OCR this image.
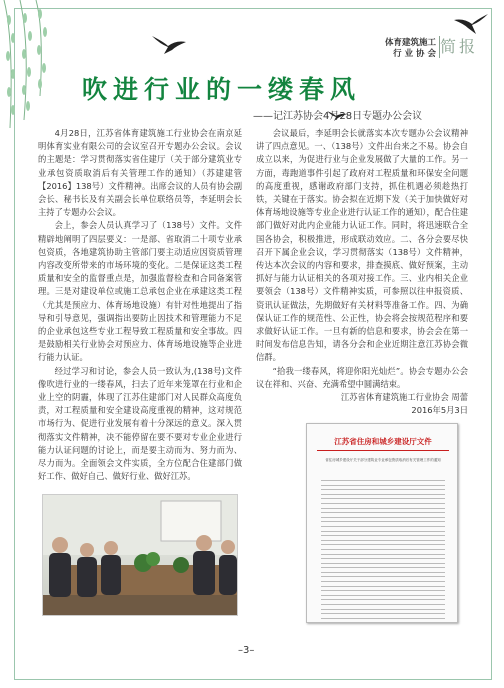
体育建筑施工
行 业 协 会 简报
吹进行业的一缕春风
——记江苏协会4月28日专题办公会议

4月28日，江苏省体育建筑施工行业协会在南京延明体育实业有限公司的会议室召开专题办公会议。会议的主题是：学习贯彻落实省住建厅（关于部分建筑业专业承包资质取消后有关管理工作的通知）（苏建建管【2016】138号）文件精神。出席会议的人员有协会副会长、秘书长及有关副会长单位联络员等，李延明会长主持了专题办公会议。

会上，参会人员认真学习了（138号）文件。文件精辟地阐明了四层要义：一是部、省取消二十项专业承包资质，各地建筑协助主管部门要主动适应因资质管理内容改变所带来的市场环境的变化。二是保证这类工程质量和安全的监督重点是，加强监督检查和合同备案管理。三是对建设单位或施工总承包企业在承建这类工程（尤其是预应力、体育场地设施）有针对性地提出了指导和引导意见，强调指出要防止因技术和管理能力不足的企业承包这些专业工程导致工程质量和安全事故。四是鼓励相关行业协会对预应力、体育场地设施等企业进行能力认证。

经过学习和讨论，参会人员一致认为,(138号)文件像吹进行业的一缕春风，扫去了近年来笼罩在行业和企业上空的阴霾，体现了江苏住建部门对人民群众高度负责，对工程质量和安全建设高度重视的精神，这对规范市场行为、促进行业发展有着十分深远的意义。深入贯彻落实文件精神，决不能停留在要不要对专业企业进行能力认证问题的讨论上，而是要主动而为、努力而为、尽力而为。全面领会文件实质，全方位配合住建部门做好工作、做好自己、做好行业、做好江苏。

会议最后，李延明会长就落实本次专题办公会议精神讲了四点意见。一、（138号）文件出台来之不易。协会自成立以来，为促进行业与企业发展做了大量的工作。另一方面，毒跑道事件引起了政府对工程质量和环保安全问题的高度重视，感谢政府部门支持，抓住机遇必须趁热打铁，关键在于落实。协会拟在近期下发（关于加快做好对体育场地设施等专业企业进行认证工作的通知），配合住建部门做好对此内企业能力认证工作。同时，将迅速联合全国各协会，积极推进，形成联动效应。二、各分会要尽快召开下属企业会议，学习贯彻落实（138号）文件精神，传达本次会议的内容和要求，排查摸底、做好预案，主动抓好与能力认证相关的各项对接工作。三、业内相关企业要领会（138号）文件精神实质，可参照以往申报资质、资讯认证做法，先期做好有关材料等准备工作。四、为确保认证工作的规范性、公正性，协会将会按规范程序和要求做好认证工作。一旦有新的信息和要求，协会会在第一时间发布信息告知，请各分会和企业近期注意江苏协会微信群。

“拾我一缕春风，将迎你阳光灿烂”。协会专题办公会议在祥和、兴奋、充满希望中圆满结束。

江苏省体育建筑施工行业协会 周蕾

2016年5月3日

江苏省住房和城乡建设厅文件
省住房城乡建设厅关于部分建筑业专业承包资质取消后有关管理工作的通知
–3–
